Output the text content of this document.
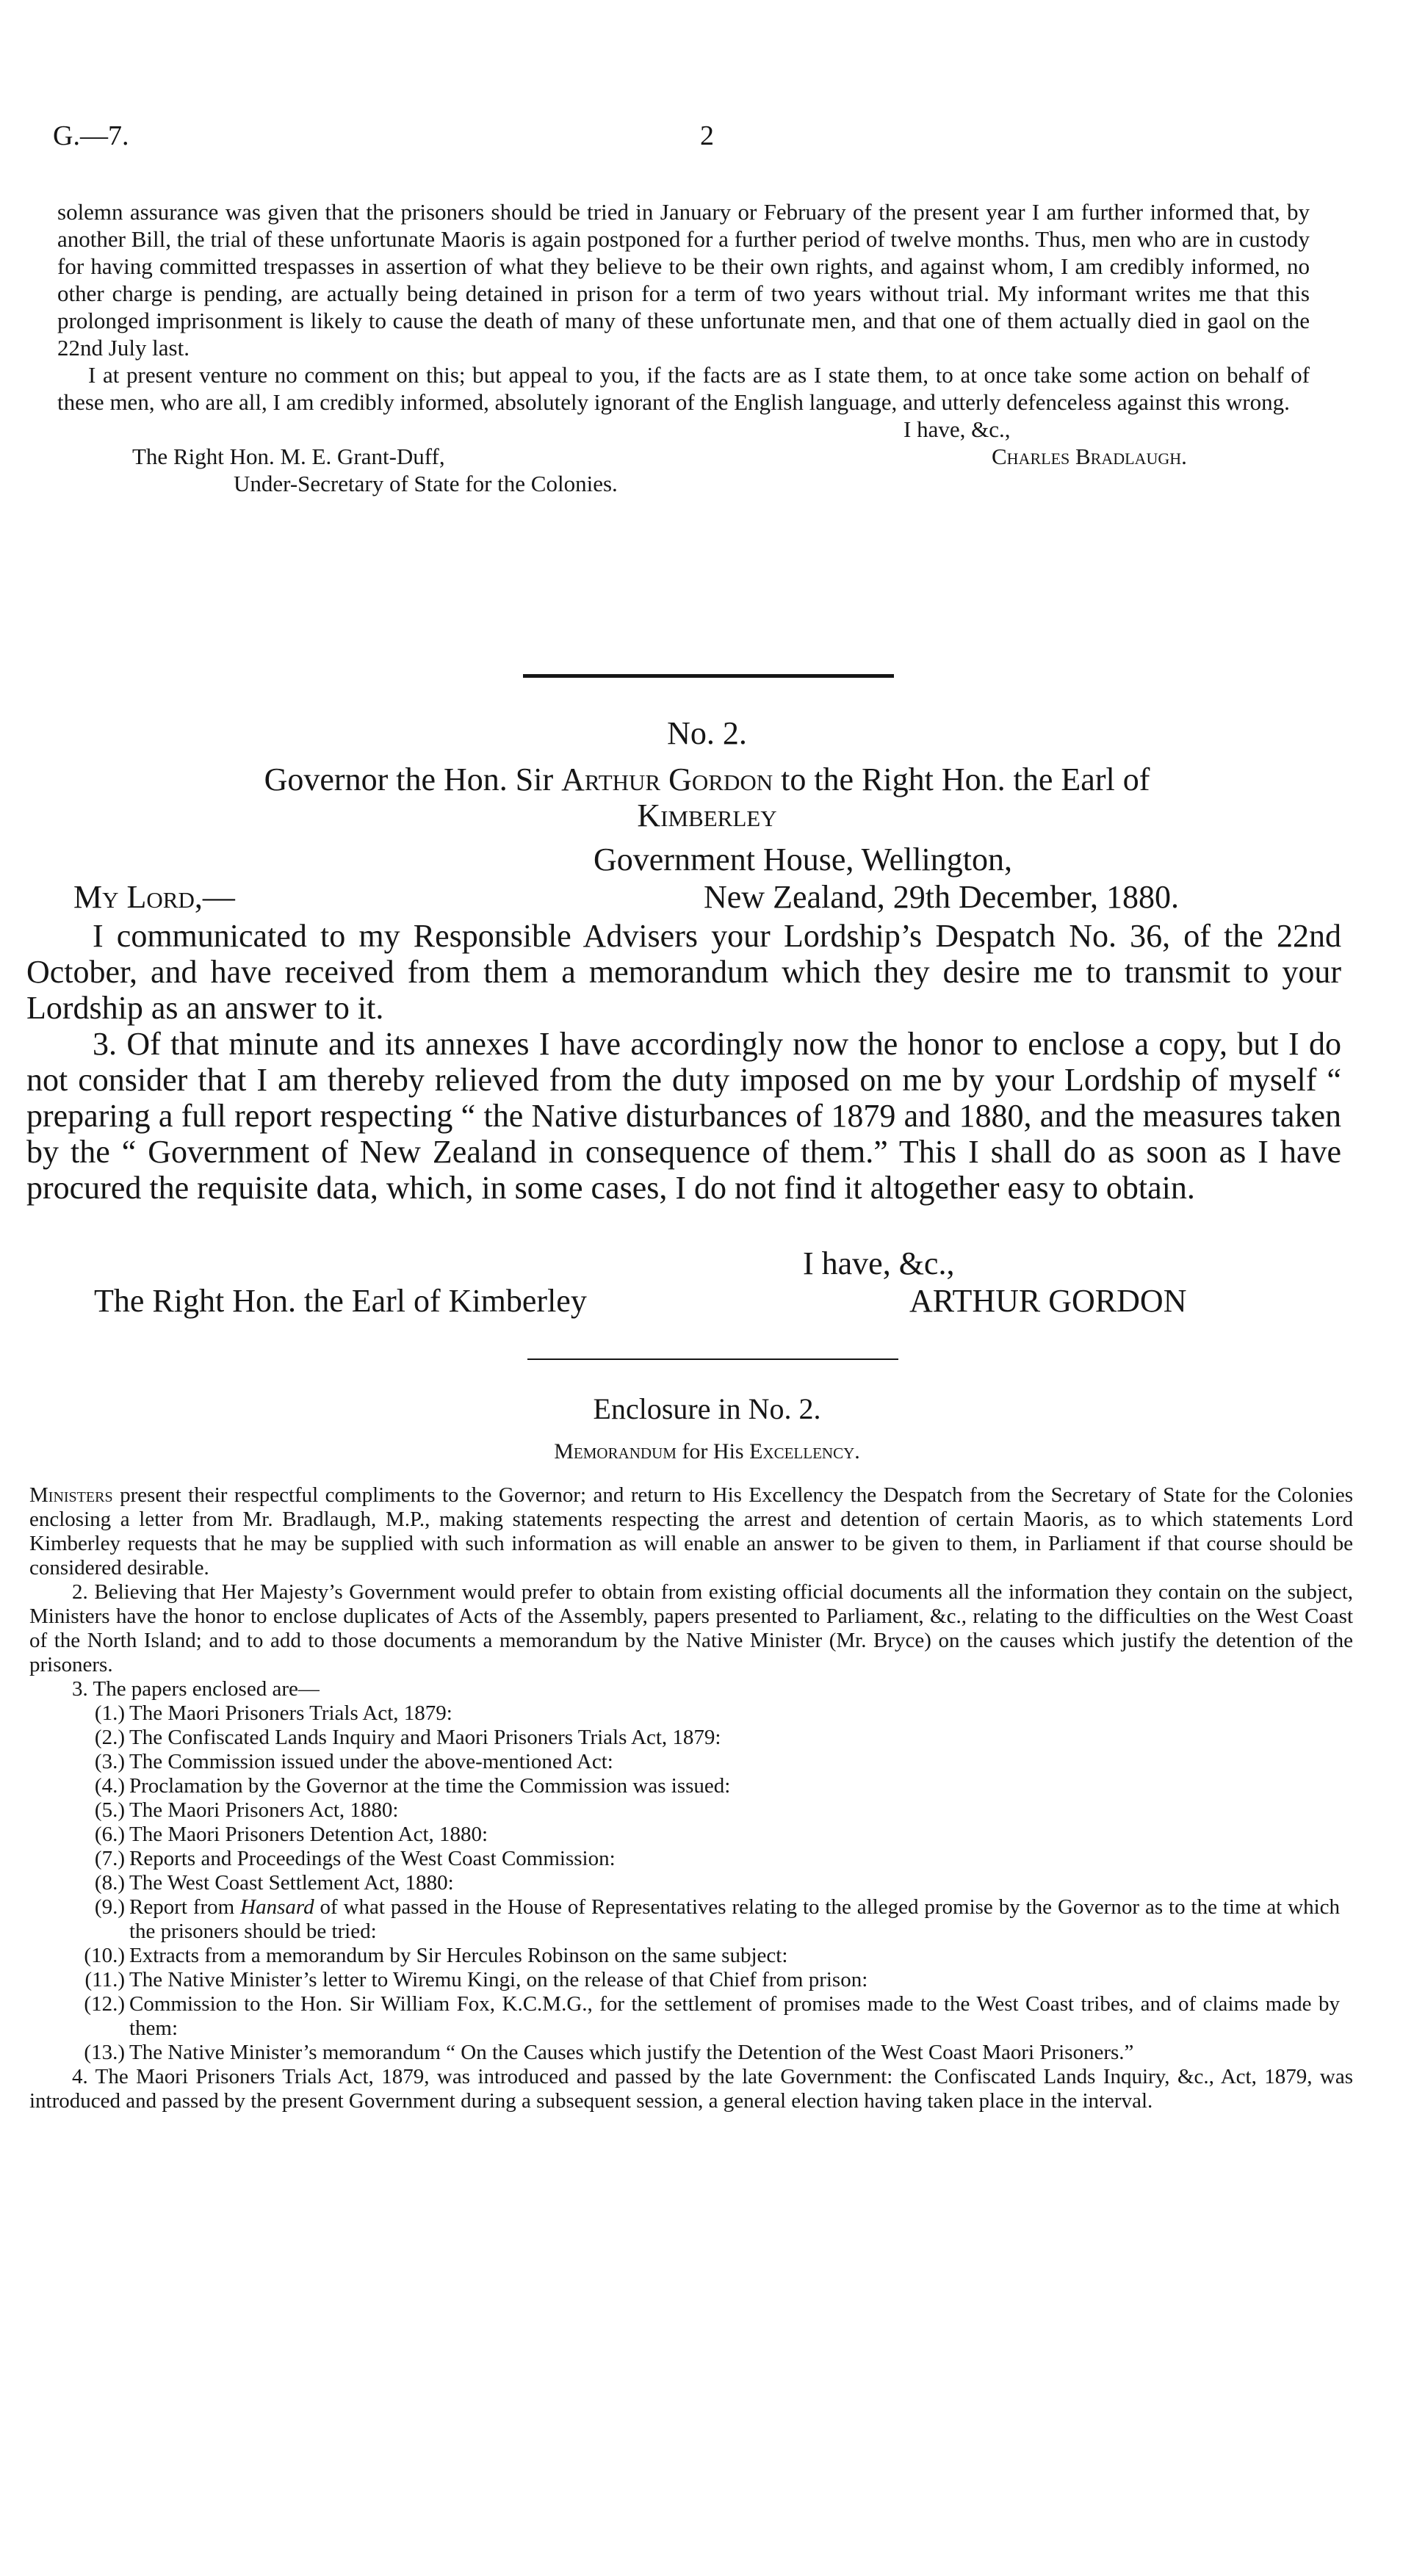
G.—7.	2

solemn assurance was given that the prisoners should be tried in January or February of the present year I am further informed that, by another Bill, the trial of these unfortunate Maoris is again postponed for a further period of twelve months. Thus, men who are in custody for having committed trespasses in assertion of what they believe to be their own rights, and against whom, I am credibly informed, no other charge is pending, are actually being detained in prison for a term of two years without trial. My informant writes me that this prolonged imprisonment is likely to cause the death of many of these unfortunate men, and that one of them actually died in gaol on the 22nd July last.

I at present venture no comment on this; but appeal to you, if the facts are as I state them, to at once take some action on behalf of these men, who are all, I am credibly informed, absolutely ignorant of the English language, and utterly defenceless against this wrong.

I have, &c.,
The Right Hon. M. E. Grant-Duff,	Charles Bradlaugh.
Under-Secretary of State for the Colonies.
No. 2.
Governor the Hon. Sir Arthur Gordon to the Right Hon. the Earl of
Kimberley
Government House, Wellington,
My Lord,—	New Zealand, 29th December, 1880.

I communicated to my Responsible Advisers your Lordship’s Despatch No. 36, of the 22nd October, and have received from them a memorandum which they desire me to transmit to your Lordship as an answer to it.

3. Of that minute and its annexes I have accordingly now the honor to enclose a copy, but I do not consider that I am thereby relieved from the duty imposed on me by your Lordship of myself “ preparing a full report respecting “ the Native disturbances of 1879 and 1880, and the measures taken by the “ Government of New Zealand in consequence of them.” This I shall do as soon as I have procured the requisite data, which, in some cases, I do not find it altogether easy to obtain.

I have, &c.,
The Right Hon. the Earl of Kimberley	ARTHUR GORDON
Enclosure in No. 2.
Memorandum for His Excellency.

Ministers present their respectful compliments to the Governor; and return to His Excellency the Despatch from the Secretary of State for the Colonies enclosing a letter from Mr. Bradlaugh, M.P., making statements respecting the arrest and detention of certain Maoris, as to which statements Lord Kimberley requests that he may be supplied with such information as will enable an answer to be given to them, in Parliament if that course should be considered desirable.

2. Believing that Her Majesty’s Government would prefer to obtain from existing official documents all the information they contain on the subject, Ministers have the honor to enclose duplicates of Acts of the Assembly, papers presented to Parliament, &c., relating to the difficulties on the West Coast of the North Island; and to add to those documents a memorandum by the Native Minister (Mr. Bryce) on the causes which justify the detention of the prisoners.

3. The papers enclosed are—

(1.) The Maori Prisoners Trials Act, 1879:
(2.) The Confiscated Lands Inquiry and Maori Prisoners Trials Act, 1879:
(3.) The Commission issued under the above-mentioned Act:
(4.) Proclamation by the Governor at the time the Commission was issued:
(5.) The Maori Prisoners Act, 1880:
(6.) The Maori Prisoners Detention Act, 1880:
(7.) Reports and Proceedings of the West Coast Commission:
(8.) The West Coast Settlement Act, 1880:
(9.) Report from Hansard of what passed in the House of Representatives relating to the alleged promise by the Governor as to the time at which the prisoners should be tried:
(10.) Extracts from a memorandum by Sir Hercules Robinson on the same subject:
(11.) The Native Minister’s letter to Wiremu Kingi, on the release of that Chief from prison:
(12.) Commission to the Hon. Sir William Fox, K.C.M.G., for the settlement of promises made to the West Coast tribes, and of claims made by them:
(13.) The Native Minister’s memorandum “ On the Causes which justify the Detention of the West Coast Maori Prisoners.”

4. The Maori Prisoners Trials Act, 1879, was introduced and passed by the late Government: the Confiscated Lands Inquiry, &c., Act, 1879, was introduced and passed by the present Government during a subsequent session, a general election having taken place in the interval.
